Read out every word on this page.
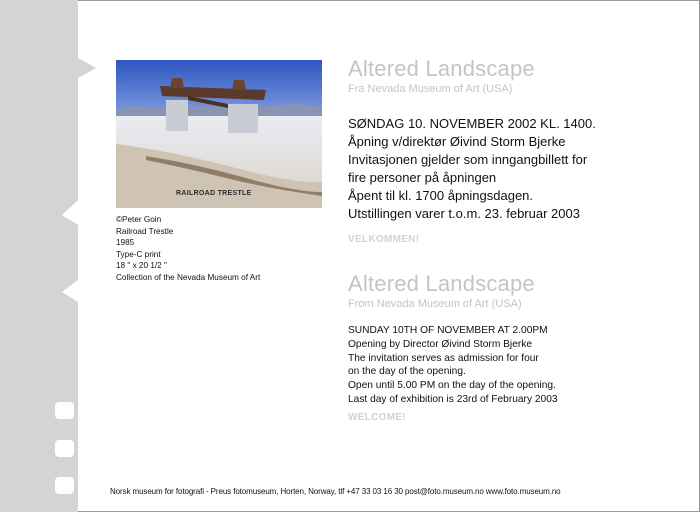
RAILROAD TRESTLE
©Peter Goin
Railroad Trestle
1985
Type-C print
18 " x 20 1/2 "
Collection of the Nevada Museum of Art
Altered Landscape
Fra Nevada Museum of Art (USA)
SØNDAG 10. NOVEMBER 2002 KL. 1400.
Åpning v/direktør Øivind Storm Bjerke
Invitasjonen gjelder som inngangbillett for
fire personer på åpningen
Åpent til kl. 1700 åpningsdagen.
Utstillingen varer t.o.m. 23. februar 2003
VELKOMMEN!
Altered Landscape
From Nevada Museum of Art (USA)
SUNDAY 10TH OF NOVEMBER AT 2.00PM
Opening by Director Øivind Storm Bjerke
The invitation serves as admission for four
on the day of the opening.
Open until 5.00 PM on the day of the opening.
Last day of exhibition is 23rd of February 2003
WELCOME!
Norsk museum for fotografi - Preus fotomuseum, Horten, Norway, tlf +47 33 03 16 30 post@foto.museum.no www.foto.museum.no
